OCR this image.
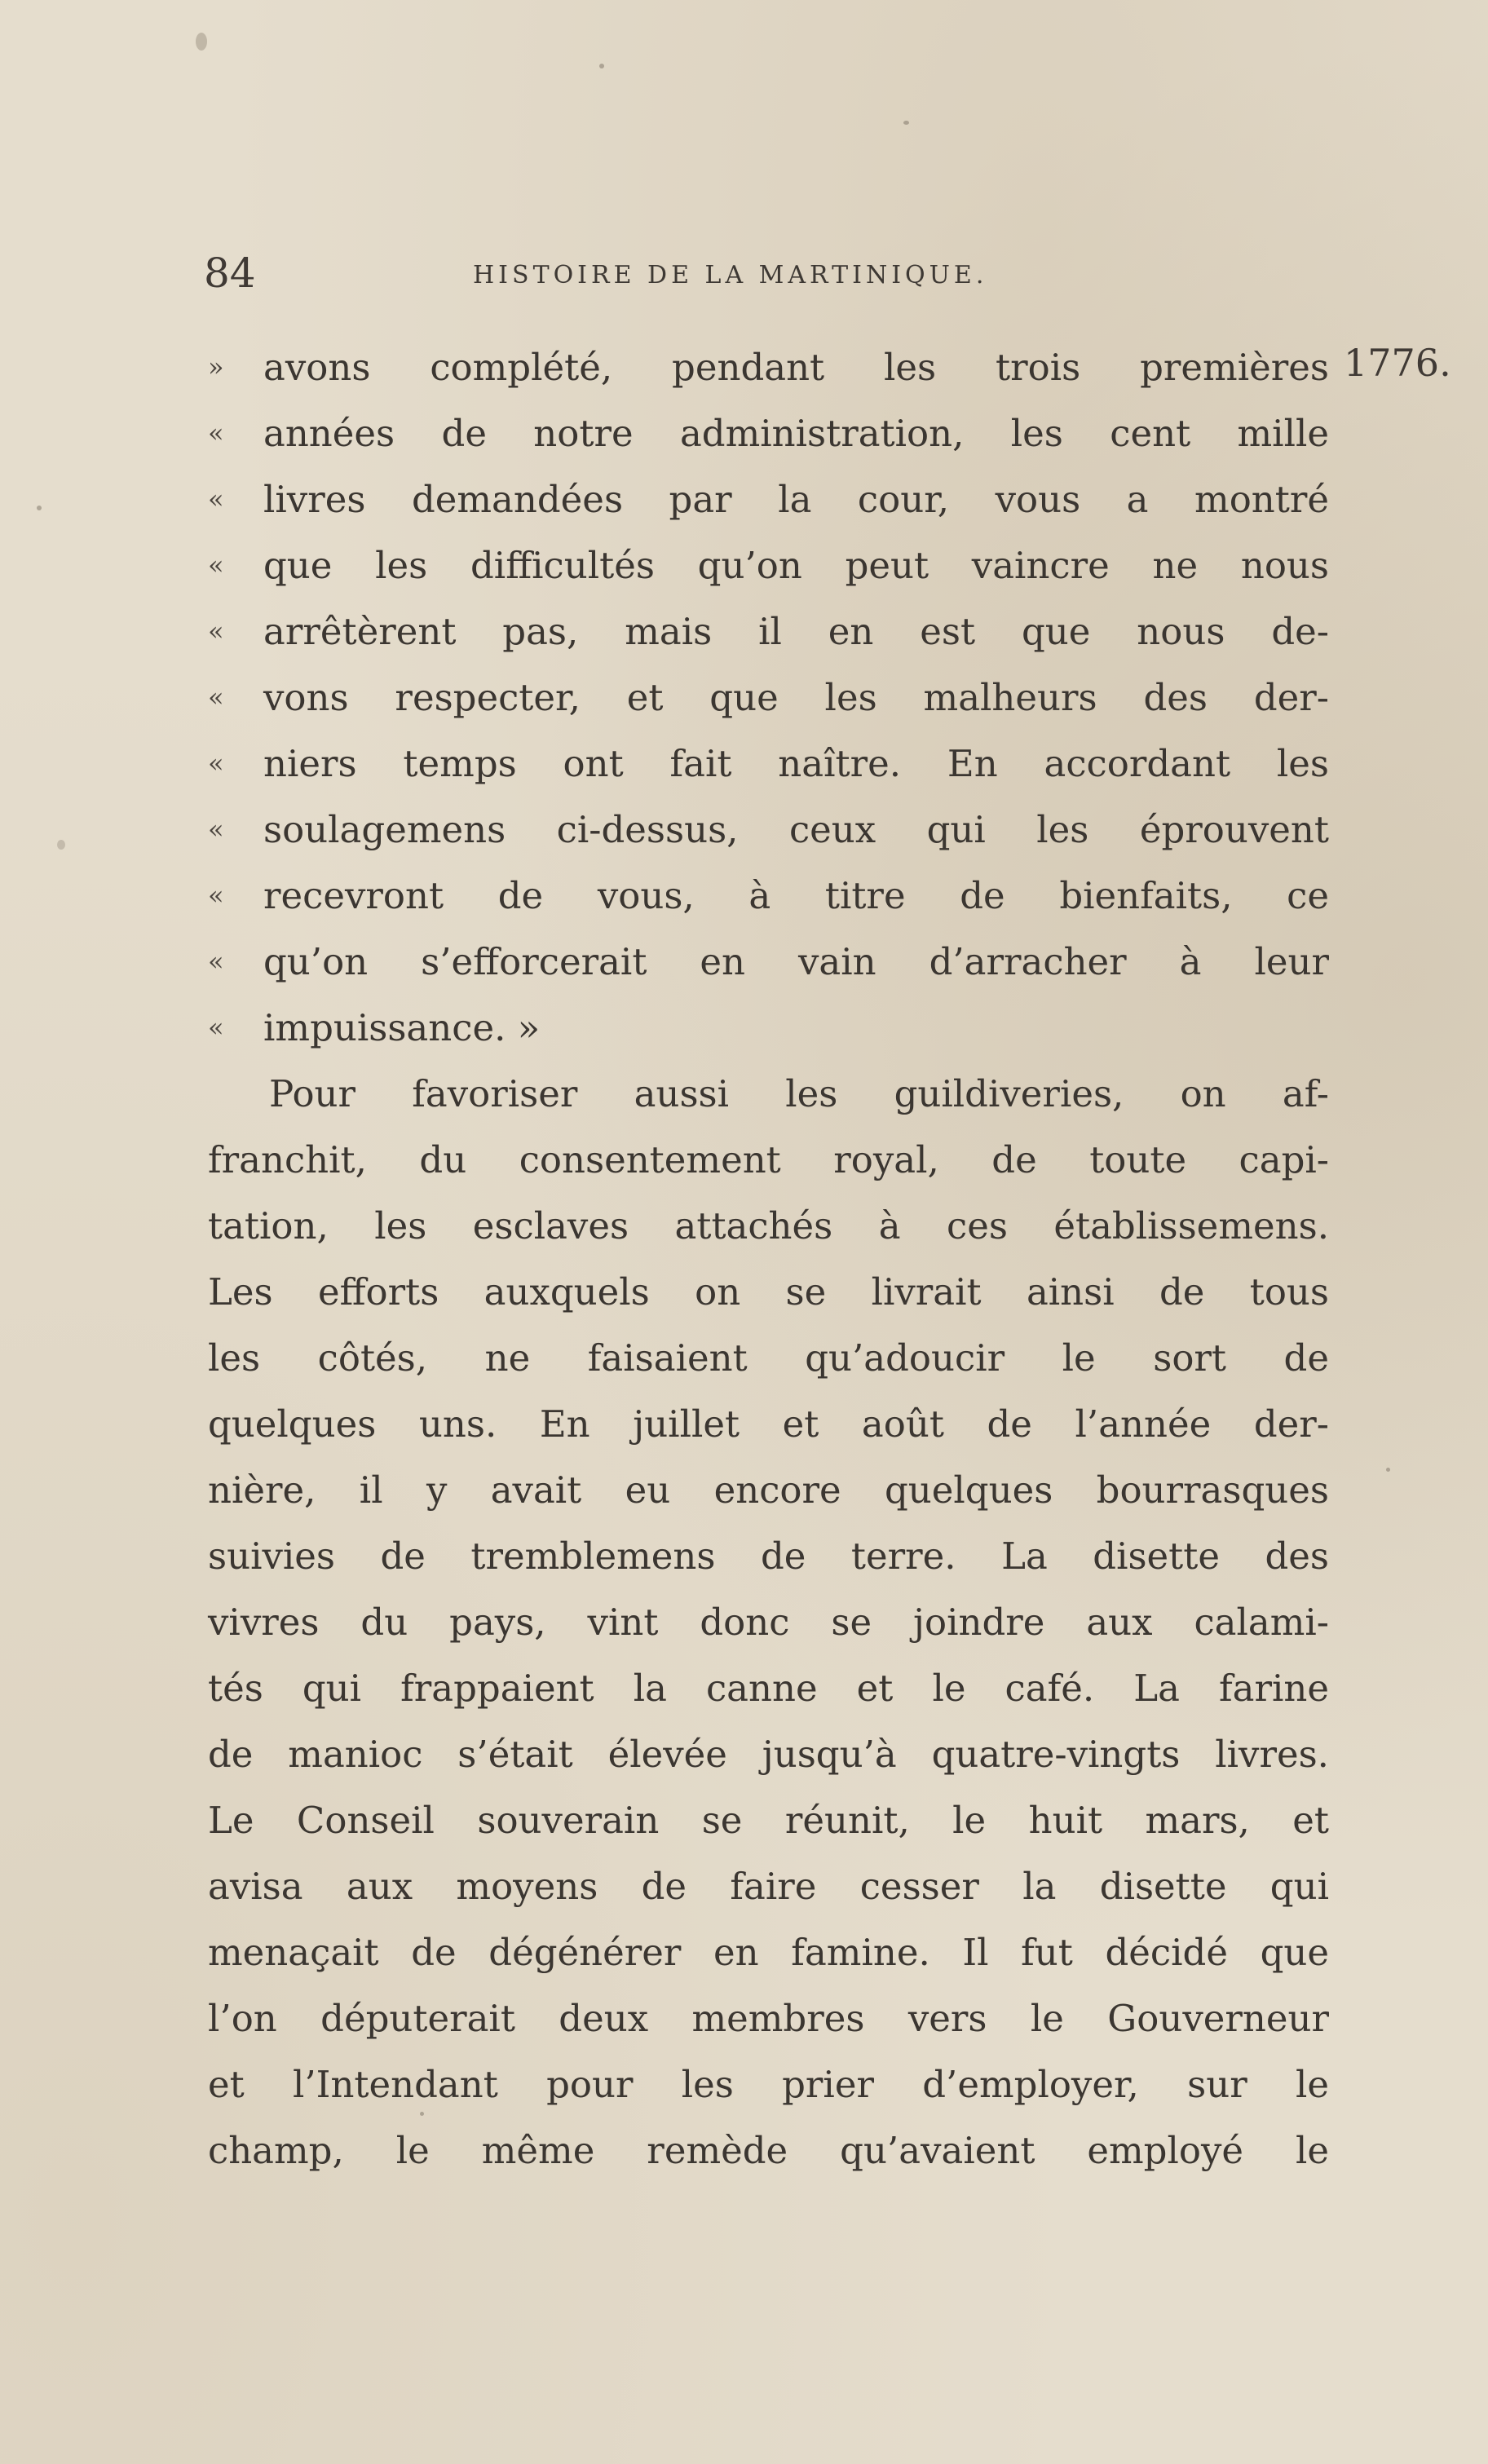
84	HISTOIRE DE LA MARTINIQUE.
1776.
» avons complété, pendant les trois premières
« années de notre administration, les cent mille
« livres demandées par la cour, vous a montré
« que les difficultés qu’on peut vaincre ne nous
« arrêtèrent pas, mais il en est que nous de-
« vons respecter, et que les malheurs des der-
« niers temps ont fait naître. En accordant les
« soulagemens ci-dessus, ceux qui les éprouvent
« recevront de vous, à titre de bienfaits, ce
« qu’on s’efforcerait en vain d’arracher à leur
« impuissance. »
Pour favoriser aussi les guildiveries, on af-
franchit, du consentement royal, de toute capi-
tation, les esclaves attachés à ces établissemens.
Les efforts auxquels on se livrait ainsi de tous
les côtés, ne faisaient qu’adoucir le sort de
quelques uns. En juillet et août de l’année der-
nière, il y avait eu encore quelques bourrasques
suivies de tremblemens de terre. La disette des
vivres du pays, vint donc se joindre aux calami-
tés qui frappaient la canne et le café. La farine
de manioc s’était élevée jusqu’à quatre-vingts livres.
Le Conseil souverain se réunit, le huit mars, et
avisa aux moyens de faire cesser la disette qui
menaçait de dégénérer en famine. Il fut décidé que
l’on députerait deux membres vers le Gouverneur
et l’Intendant pour les prier d’employer, sur le
champ, le même remède qu’avaient employé le
